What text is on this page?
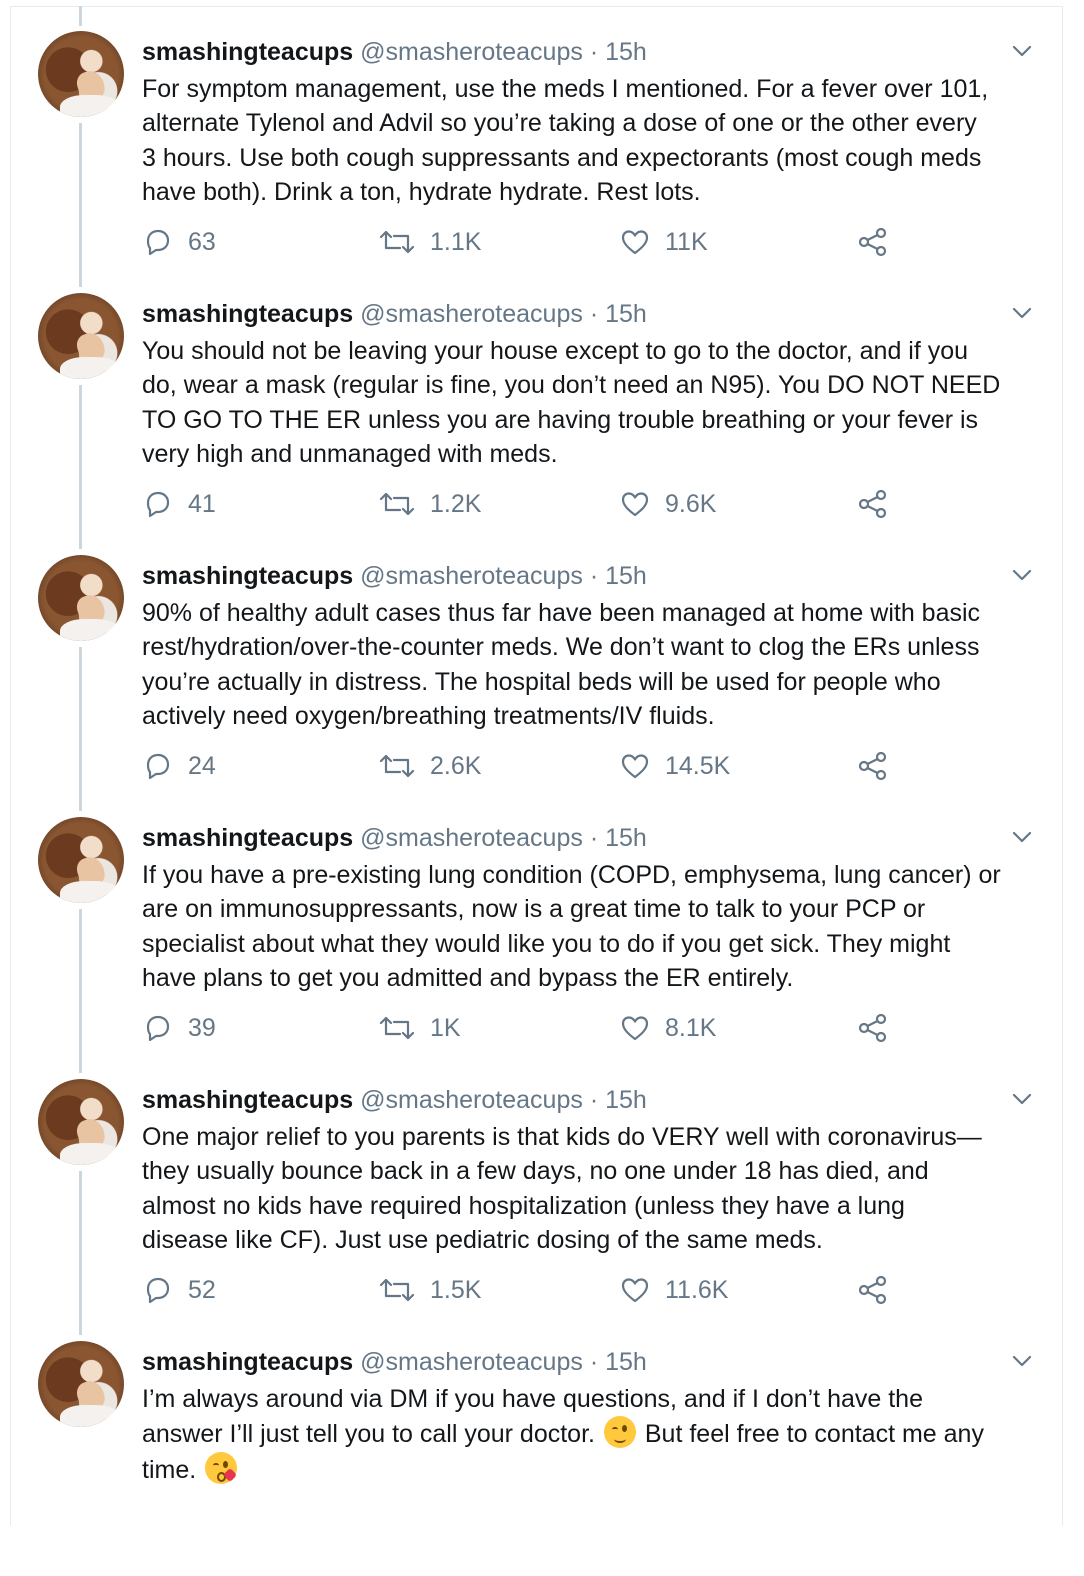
smashingteacups @smasheroteacups · 15h
For symptom management, use the meds I mentioned. For a fever over 101,
alternate Tylenol and Advil so you’re taking a dose of one or the other every
3 hours. Use both cough suppressants and expectorants (most cough meds
have both). Drink a ton, hydrate hydrate. Rest lots.
63	1.1K	11K
smashingteacups @smasheroteacups · 15h
You should not be leaving your house except to go to the doctor, and if you
do, wear a mask (regular is fine, you don’t need an N95). You DO NOT NEED
TO GO TO THE ER unless you are having trouble breathing or your fever is
very high and unmanaged with meds.
41	1.2K	9.6K
smashingteacups @smasheroteacups · 15h
90% of healthy adult cases thus far have been managed at home with basic
rest/hydration/over-the-counter meds. We don’t want to clog the ERs unless
you’re actually in distress. The hospital beds will be used for people who
actively need oxygen/breathing treatments/IV fluids.
24	2.6K	14.5K
smashingteacups @smasheroteacups · 15h
If you have a pre-existing lung condition (COPD, emphysema, lung cancer) or
are on immunosuppressants, now is a great time to talk to your PCP or
specialist about what they would like you to do if you get sick. They might
have plans to get you admitted and bypass the ER entirely.
39	1K	8.1K
smashingteacups @smasheroteacups · 15h
One major relief to you parents is that kids do VERY well with coronavirus—
they usually bounce back in a few days, no one under 18 has died, and
almost no kids have required hospitalization (unless they have a lung
disease like CF). Just use pediatric dosing of the same meds.
52	1.5K	11.6K
smashingteacups @smasheroteacups · 15h
I’m always around via DM if you have questions, and if I don’t have the
answer I’ll just tell you to call your doctor.
But feel free to contact me any
time.
